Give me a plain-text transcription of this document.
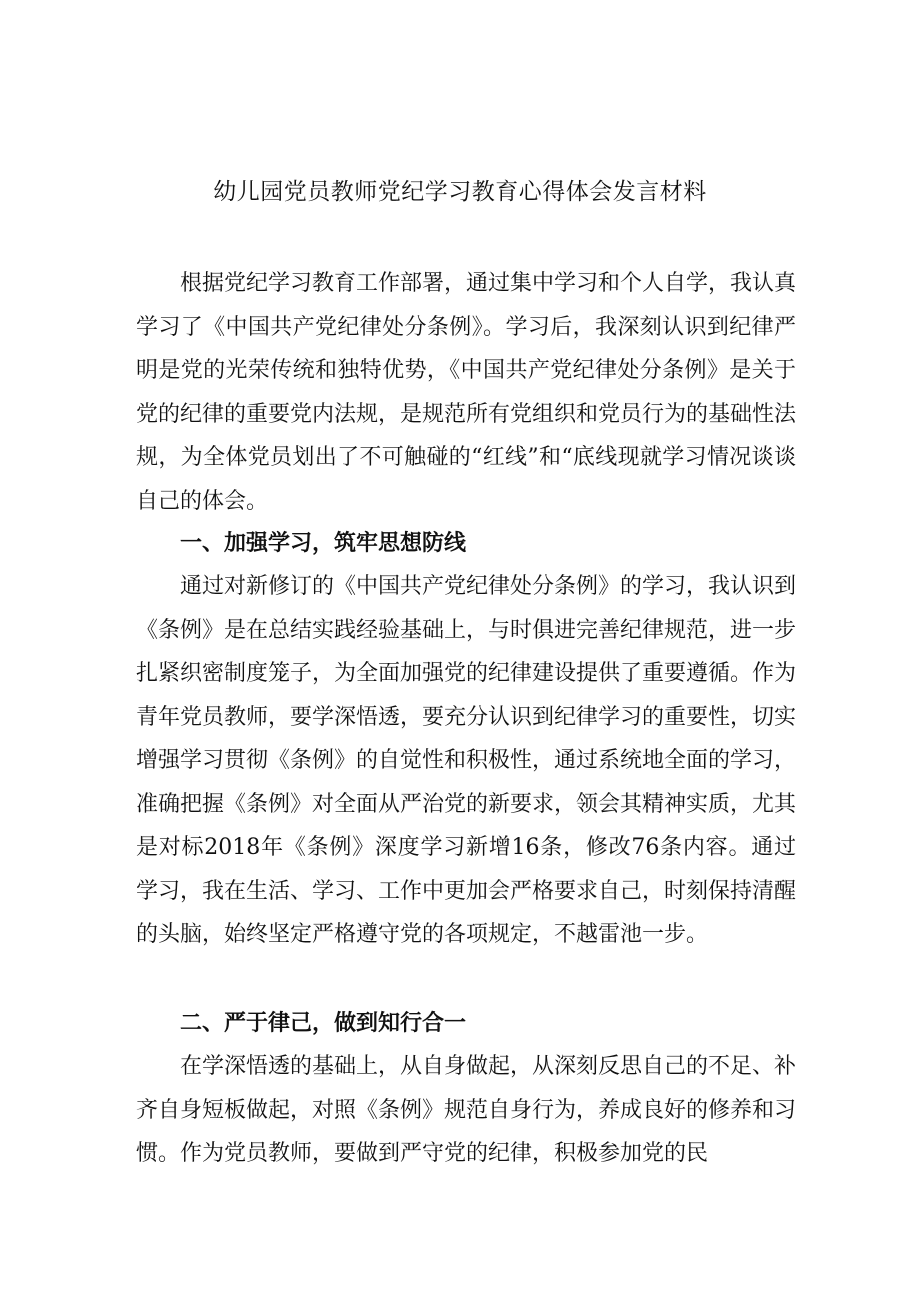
幼儿园党员教师党纪学习教育心得体会发言材料

根据党纪学习教育工作部署，通过集中学习和个人自学，我认真学习了《中国共产党纪律处分条例》。学习后，我深刻认识到纪律严明是党的光荣传统和独特优势，《中国共产党纪律处分条例》是关于党的纪律的重要党内法规，是规范所有党组织和党员行为的基础性法规，为全体党员划出了不可触碰的“红线”和“底线现就学习情况谈谈自己的体会。

一、加强学习，筑牢思想防线

通过对新修订的《中国共产党纪律处分条例》的学习，我认识到《条例》是在总结实践经验基础上，与时俱进完善纪律规范，进一步扎紧织密制度笼子，为全面加强党的纪律建设提供了重要遵循。作为青年党员教师，要学深悟透，要充分认识到纪律学习的重要性，切实增强学习贯彻《条例》的自觉性和积极性，通过系统地全面的学习，准确把握《条例》对全面从严治党的新要求，领会其精神实质，尤其是对标2018年《条例》深度学习新增16条，修改76条内容。通过学习，我在生活、学习、工作中更加会严格要求自己，时刻保持清醒的头脑，始终坚定严格遵守党的各项规定，不越雷池一步。

二、严于律己，做到知行合一

在学深悟透的基础上，从自身做起，从深刻反思自己的不足、补齐自身短板做起，对照《条例》规范自身行为，养成良好的修养和习惯。作为党员教师，要做到严守党的纪律，积极参加党的民
